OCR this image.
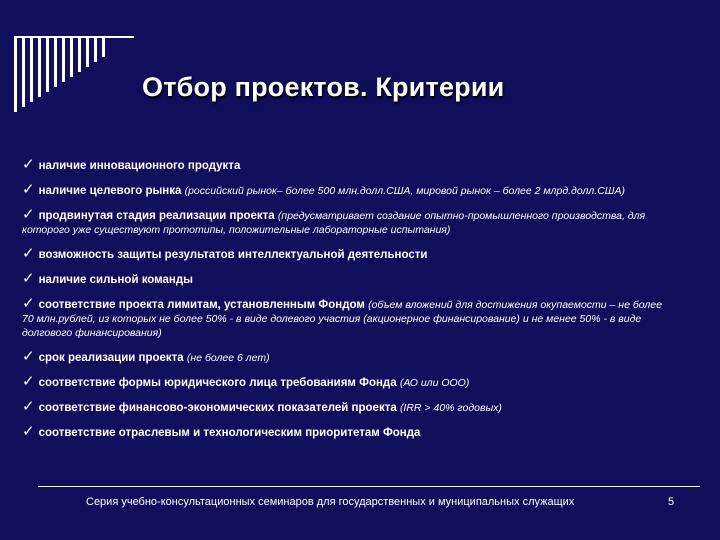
Отбор проектов. Критерии
✓ наличие инновационного продукта
✓ наличие целевого рынка (российский рынок– более 500 млн.долл.США, мировой рынок – более 2 млрд.долл.США)
✓ продвинутая стадия реализации проекта (предусматривает создание опытно-промышленного производства, для которого уже существуют прототипы, положительные лабораторные испытания)
✓ возможность защиты результатов интеллектуальной деятельности
✓ наличие сильной команды
✓ соответствие проекта лимитам, установленным Фондом (объем вложений для достижения окупаемости – не более 70 млн.рублей, из которых не более 50% - в виде долевого участия (акционерное финансирование) и не менее 50% - в виде долгового финансирования)
✓ срок реализации проекта (не более 6 лет)
✓ соответствие формы юридического лица требованиям Фонда (АО или ООО)
✓ соответствие финансово-экономических показателей проекта (IRR > 40% годовых)
✓ соответствие отраслевым и технологическим приоритетам Фонда
Серия учебно-консультационных семинаров для государственных и муниципальных служащих	5
